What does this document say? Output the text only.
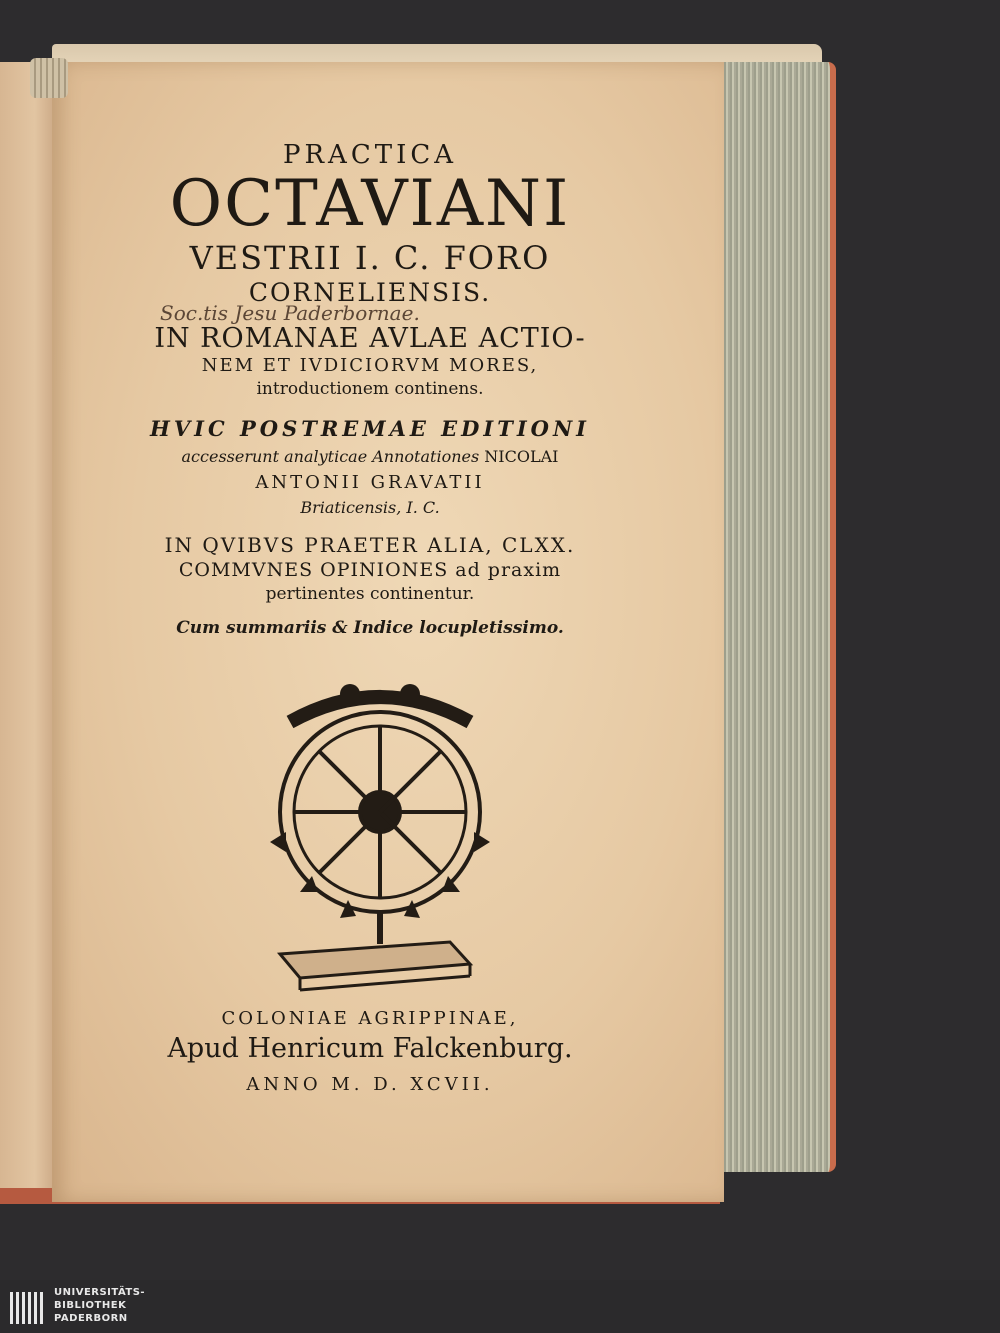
PRACTICA

OCTAVIANI

VESTRII I. C. FORO

CORNELIENSIS.

Soc.tis Jesu Paderbornae.

IN ROMANAE AVLAE ACTIO-

NEM ET IVDICIORVM MORES,

introductionem continens.

HVIC POSTREMAE EDITIONI

accesserunt analyticae Annotationes NICOLAI

ANTONII GRAVATII

Briaticensis, I. C.

IN QVIBVS PRAETER ALIA, CLXX.

COMMVNES OPINIONES ad praxim

pertinentes continentur.

Cum summariis & Indice locupletissimo.

COLONIAE AGRIPPINAE,

Apud Henricum Falckenburg.

ANNO M. D. XCVII.

UNIVERSITÄTS-
BIBLIOTHEK
PADERBORN
